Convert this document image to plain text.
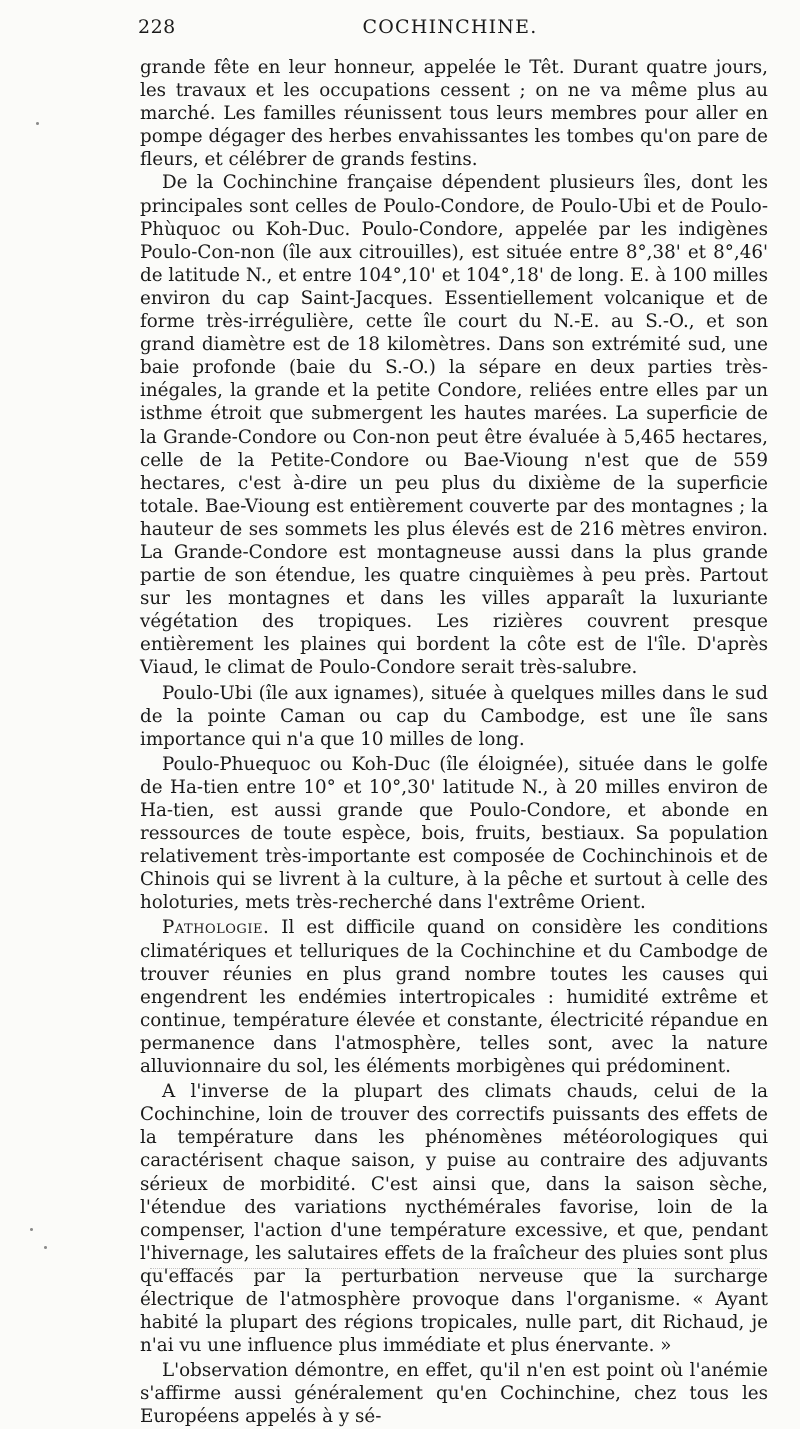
228	COCHINCHINE.

grande fête en leur honneur, appelée le Têt. Durant quatre jours, les travaux et les occupations cessent ; on ne va même plus au marché. Les familles réunissent tous leurs membres pour aller en pompe dégager des herbes envahissantes les tombes qu'on pare de fleurs, et célébrer de grands festins.

De la Cochinchine française dépendent plusieurs îles, dont les principales sont celles de Poulo-Condore, de Poulo-Ubi et de Poulo-Phùquoc ou Koh-Duc. Poulo-Condore, appelée par les indigènes Poulo-Con-non (île aux citrouilles), est située entre 8°,38' et 8°,46' de latitude N., et entre 104°,10' et 104°,18' de long. E. à 100 milles environ du cap Saint-Jacques. Essentiellement volcanique et de forme très-irrégulière, cette île court du N.-E. au S.-O., et son grand diamètre est de 18 kilomètres. Dans son extrémité sud, une baie profonde (baie du S.-O.) la sépare en deux parties très-inégales, la grande et la petite Condore, reliées entre elles par un isthme étroit que submergent les hautes marées. La superficie de la Grande-Condore ou Con-non peut être évaluée à 5,465 hectares, celle de la Petite-Condore ou Bae-Vioung n'est que de 559 hectares, c'est à-dire un peu plus du dixième de la superficie totale. Bae-Vioung est entièrement couverte par des montagnes ; la hauteur de ses sommets les plus élevés est de 216 mètres environ. La Grande-Condore est montagneuse aussi dans la plus grande partie de son étendue, les quatre cinquièmes à peu près. Partout sur les montagnes et dans les villes apparaît la luxuriante végétation des tropiques. Les rizières couvrent presque entièrement les plaines qui bordent la côte est de l'île. D'après Viaud, le climat de Poulo-Condore serait très-salubre.

Poulo-Ubi (île aux ignames), située à quelques milles dans le sud de la pointe Caman ou cap du Cambodge, est une île sans importance qui n'a que 10 milles de long.

Poulo-Phuequoc ou Koh-Duc (île éloignée), située dans le golfe de Ha-tien entre 10° et 10°,30' latitude N., à 20 milles environ de Ha-tien, est aussi grande que Poulo-Condore, et abonde en ressources de toute espèce, bois, fruits, bestiaux. Sa population relativement très-importante est composée de Cochinchinois et de Chinois qui se livrent à la culture, à la pêche et surtout à celle des holoturies, mets très-recherché dans l'extrême Orient.

Pathologie. Il est difficile quand on considère les conditions climatériques et telluriques de la Cochinchine et du Cambodge de trouver réunies en plus grand nombre toutes les causes qui engendrent les endémies intertropicales : humidité extrême et continue, température élevée et constante, électricité répandue en permanence dans l'atmosphère, telles sont, avec la nature alluvionnaire du sol, les éléments morbigènes qui prédominent.

A l'inverse de la plupart des climats chauds, celui de la Cochinchine, loin de trouver des correctifs puissants des effets de la température dans les phénomènes météorologiques qui caractérisent chaque saison, y puise au contraire des adjuvants sérieux de morbidité. C'est ainsi que, dans la saison sèche, l'étendue des variations nycthémérales favorise, loin de la compenser, l'action d'une température excessive, et que, pendant l'hivernage, les salutaires effets de la fraîcheur des pluies sont plus qu'effacés par la perturbation nerveuse que la surcharge électrique de l'atmosphère provoque dans l'organisme. « Ayant habité la plupart des régions tropicales, nulle part, dit Richaud, je n'ai vu une influence plus immédiate et plus énervante. »

L'observation démontre, en effet, qu'il n'en est point où l'anémie s'affirme aussi généralement qu'en Cochinchine, chez tous les Européens appelés à y sé-
